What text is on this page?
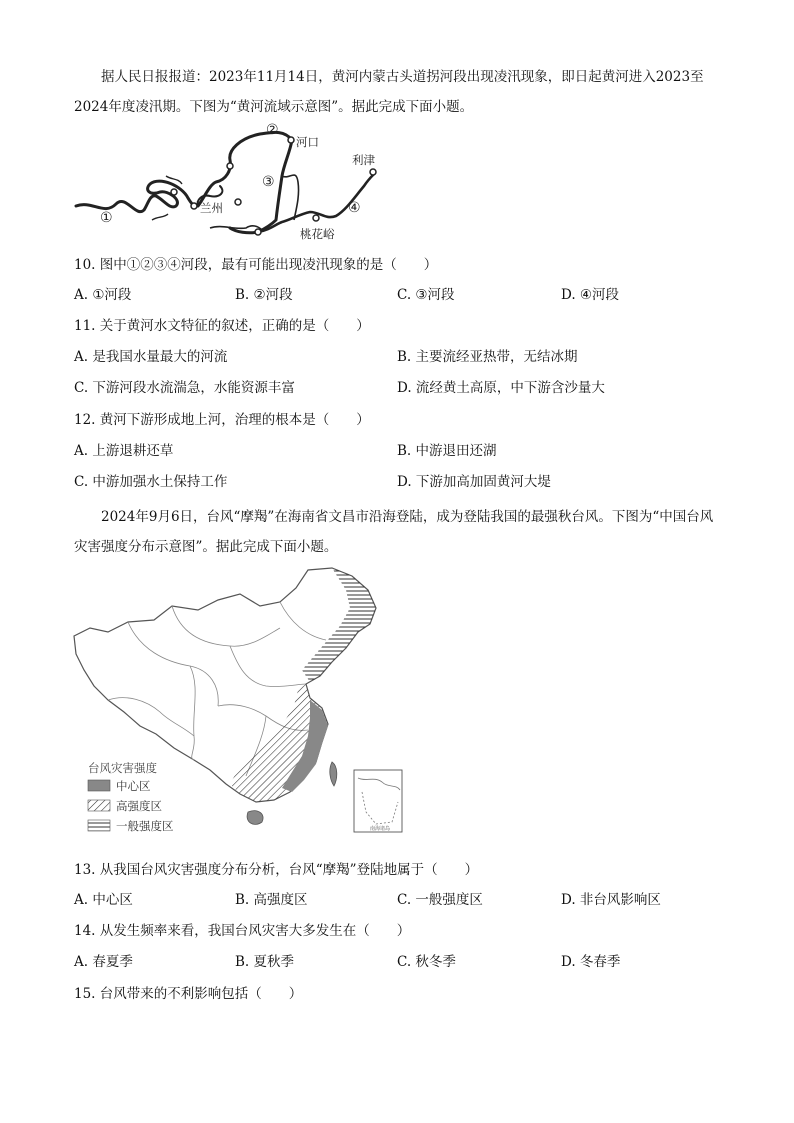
据人民日报报道：2023年11月14日，黄河内蒙古头道拐河段出现凌汛现象，即日起黄河进入2023至2024年度凌汛期。下图为“黄河流域示意图”。据此完成下面小题。

①
兰州
②
河口
③
利津
④
桃花峪

10. 图中①②③④河段，最有可能出现凌汛现象的是（　　）

A. ①河段	B. ②河段	C. ③河段	D. ④河段

11. 关于黄河水文特征的叙述，正确的是（　　）

A. 是我国水量最大的河流	B. 主要流经亚热带，无结冰期

C. 下游河段水流湍急，水能资源丰富	D. 流经黄土高原，中下游含沙量大

12. 黄河下游形成地上河，治理的根本是（　　）

A. 上游退耕还草	B. 中游退田还湖

C. 中游加强水土保持工作	D. 下游加高加固黄河大堤

2024年9月6日，台风“摩羯”在海南省文昌市沿海登陆，成为登陆我国的最强秋台风。下图为“中国台风灾害强度分布示意图”。据此完成下面小题。

南海诸岛
台风灾害强度
中心区
高强度区
一般强度区

13. 从我国台风灾害强度分布分析，台风“摩羯”登陆地属于（　　）

A. 中心区	B. 高强度区	C. 一般强度区	D. 非台风影响区

14. 从发生频率来看，我国台风灾害大多发生在（　　）

A. 春夏季	B. 夏秋季	C. 秋冬季	D. 冬春季

15. 台风带来的不利影响包括（　　）
